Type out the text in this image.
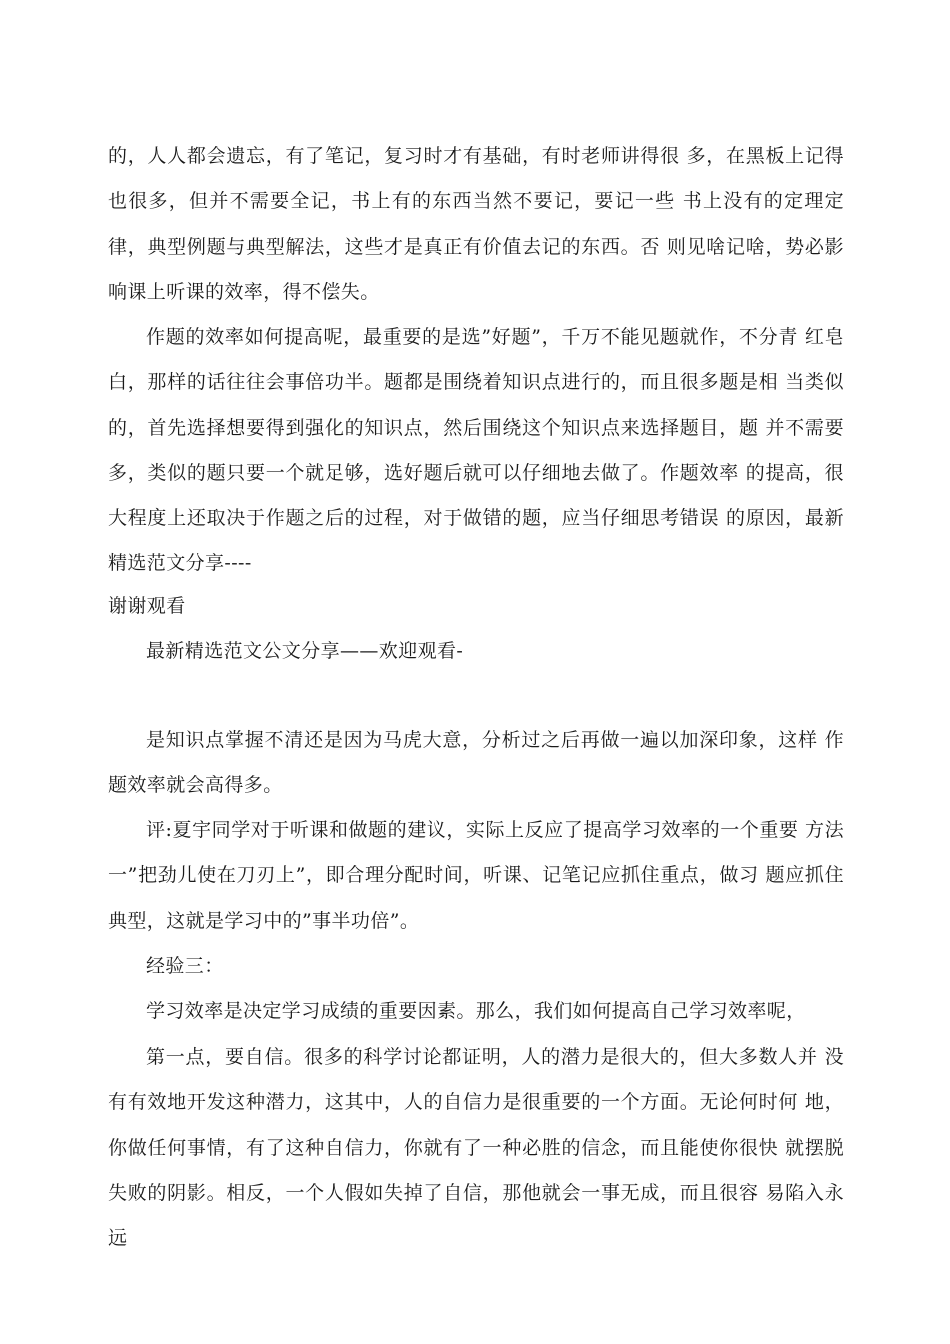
的，人人都会遗忘，有了笔记，复习时才有基础，有时老师讲得很 多，在黑板上记得也很多，但并不需要全记，书上有的东西当然不要记，要记一些 书上没有的定理定律，典型例题与典型解法，这些才是真正有价值去记的东西。否 则见啥记啥，势必影响课上听课的效率，得不偿失。
作题的效率如何提高呢，最重要的是选”好题”，千万不能见题就作，不分青 红皂白，那样的话往往会事倍功半。题都是围绕着知识点进行的，而且很多题是相 当类似的，首先选择想要得到强化的知识点，然后围绕这个知识点来选择题目，题 并不需要多，类似的题只要一个就足够，选好题后就可以仔细地去做了。作题效率 的提高，很大程度上还取决于作题之后的过程，对于做错的题，应当仔细思考错误 的原因，最新精选范文分享----
谢谢观看
最新精选范文公文分享——欢迎观看-
是知识点掌握不清还是因为马虎大意，分析过之后再做一遍以加深印象，这样 作题效率就会高得多。
评:夏宇同学对于听课和做题的建议，实际上反应了提高学习效率的一个重要 方法一”把劲儿使在刀刃上”，即合理分配时间，听课、记笔记应抓住重点，做习 题应抓住典型，这就是学习中的”事半功倍”。
经验三：
学习效率是决定学习成绩的重要因素。那么，我们如何提高自己学习效率呢，
第一点，要自信。很多的科学讨论都证明，人的潜力是很大的，但大多数人并 没有有效地开发这种潜力，这其中，人的自信力是很重要的一个方面。无论何时何 地，你做任何事情，有了这种自信力，你就有了一种必胜的信念，而且能使你很快 就摆脱失败的阴影。相反，一个人假如失掉了自信，那他就会一事无成，而且很容 易陷入永远
